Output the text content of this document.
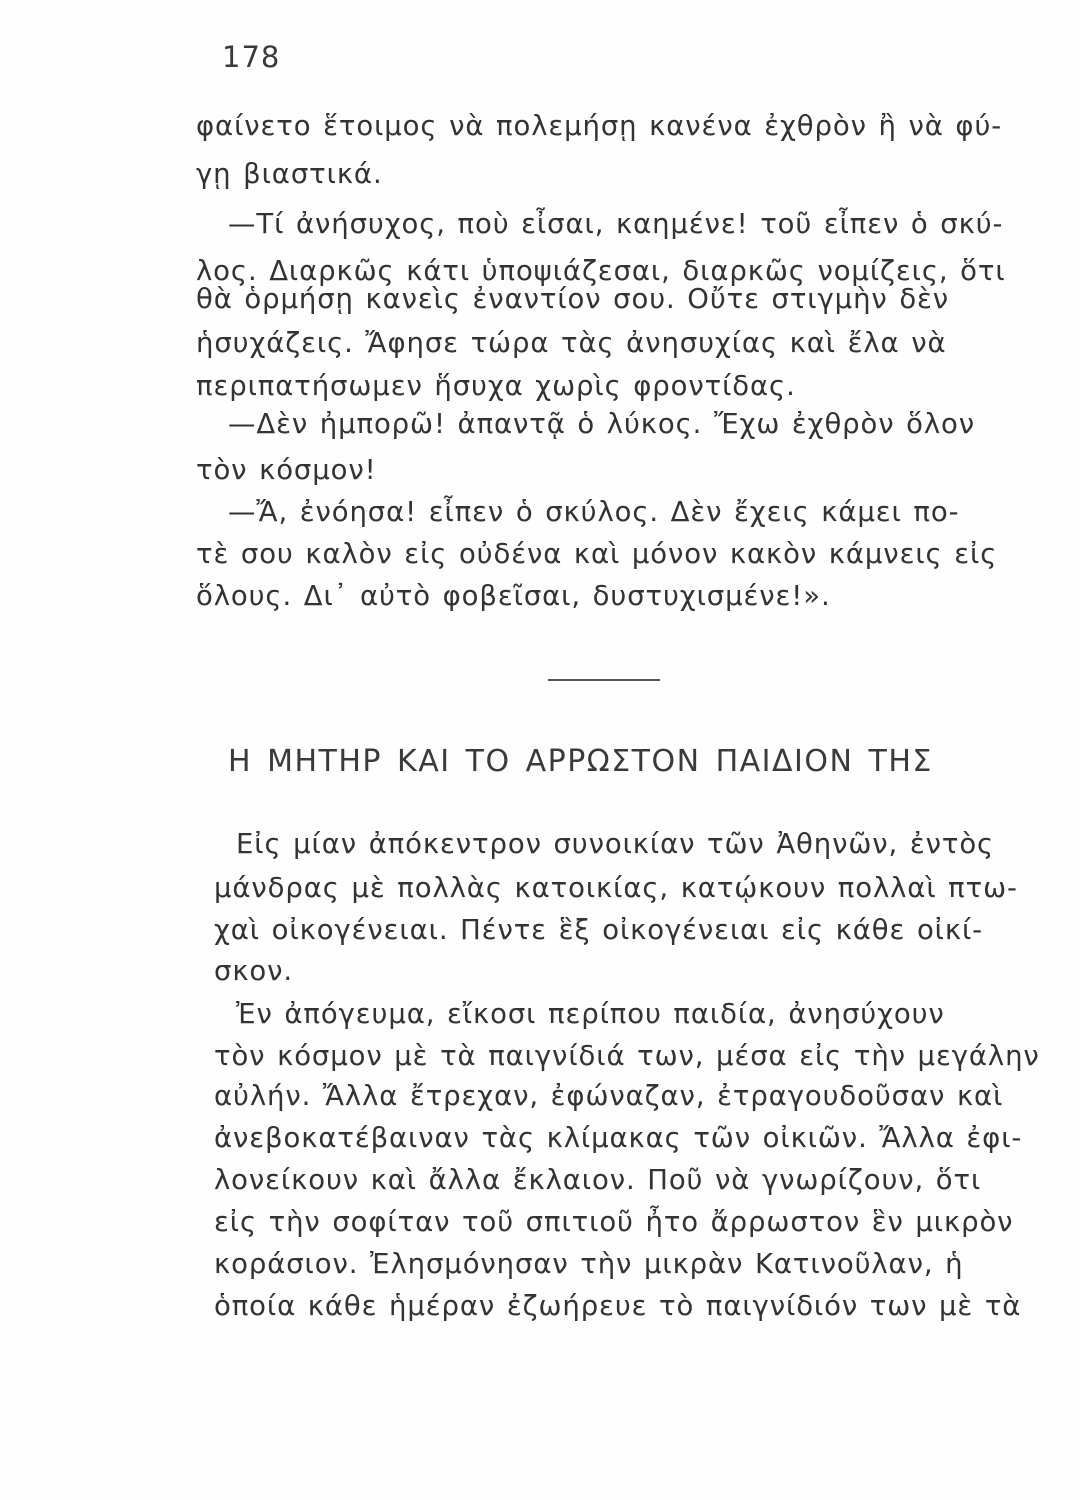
178
φαίνετο ἕτοιμος νὰ πολεμήσῃ κανένα ἐχθρὸν ἢ νὰ φύ-
γῃ βιαστικά.
—Τί ἀνήσυχος, ποὺ εἶσαι, καημένε! τοῦ εἶπεν ὁ σκύ-
λος. Διαρκῶς κάτι ὑποψιάζεσαι, διαρκῶς νομίζεις, ὅτι
θὰ ὁρμήσῃ κανεὶς ἐναντίον σου. Οὔτε στιγμὴν δὲν
ἡσυχάζεις. Ἄφησε τώρα τὰς ἀνησυχίας καὶ ἔλα νὰ
περιπατήσωμεν ἥσυχα χωρὶς φροντίδας.
—Δὲν ἠμπορῶ! ἀπαντᾷ ὁ λύκος. Ἔχω ἐχθρὸν ὅλον
τὸν κόσμον!
—Ἄ, ἐνόησα! εἶπεν ὁ σκύλος. Δὲν ἔχεις κάμει πο-
τὲ σου καλὸν εἰς οὐδένα καὶ μόνον κακὸν κάμνεις εἰς
ὅλους. Δι᾽ αὐτὸ φοβεῖσαι, δυστυχισμένε!».
Η ΜΗΤΗΡ ΚΑΙ ΤΟ ΑΡΡΩΣΤΟΝ ΠΑΙΔΙΟΝ ΤΗΣ
Εἰς μίαν ἀπόκεντρον συνοικίαν τῶν Ἀθηνῶν, ἐντὸς
μάνδρας μὲ πολλὰς κατοικίας, κατῴκουν πολλαὶ πτω-
χαὶ οἰκογένειαι. Πέντε ἓξ οἰκογένειαι εἰς κάθε οἰκί-
σκον.
Ἐν ἀπόγευμα, εἴκοσι περίπου παιδία, ἀνησύχουν
τὸν κόσμον μὲ τὰ παιγνίδιά των, μέσα εἰς τὴν μεγάλην
αὐλήν. Ἄλλα ἔτρεχαν, ἐφώναζαν, ἐτραγουδοῦσαν καὶ
ἀνεβοκατέβαιναν τὰς κλίμακας τῶν οἰκιῶν. Ἄλλα ἐφι-
λονείκουν καὶ ἄλλα ἔκλαιον. Ποῦ νὰ γνωρίζουν, ὅτι
εἰς τὴν σοφίταν τοῦ σπιτιοῦ ἦτο ἄρρωστον ἓν μικρὸν
κοράσιον. Ἐλησμόνησαν τὴν μικρὰν Κατινοῦλαν, ἡ
ὁποία κάθε ἡμέραν ἐζωήρευε τὸ παιγνίδιόν των μὲ τὰ
